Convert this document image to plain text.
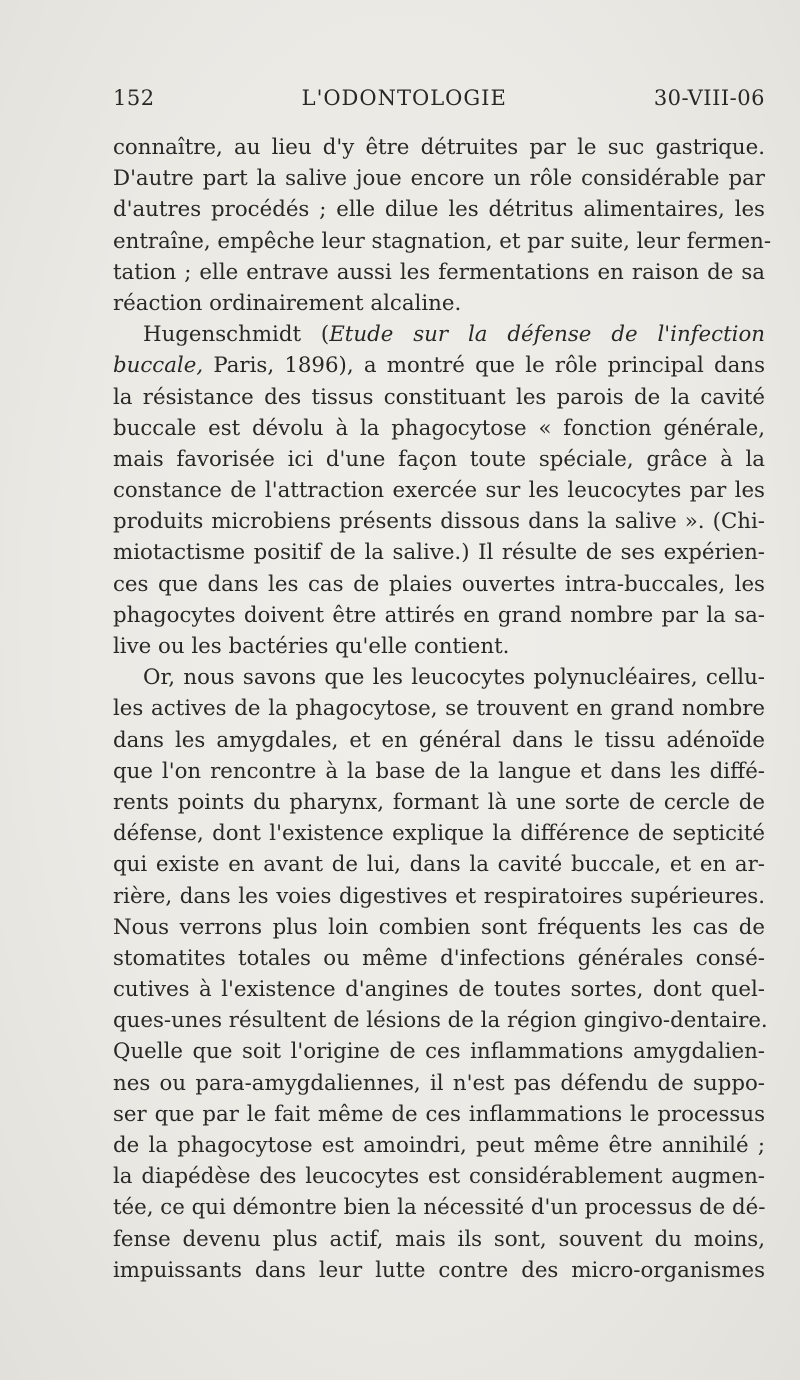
152	L'ODONTOLOGIE	30-VIII-06
connaître, au lieu d'y être détruites par le suc gastrique.
D'autre part la salive joue encore un rôle considérable par
d'autres procédés ; elle dilue les détritus alimentaires, les
entraîne, empêche leur stagnation, et par suite, leur fermen-
tation ; elle entrave aussi les fermentations en raison de sa
réaction ordinairement alcaline.
Hugenschmidt (Etude sur la défense de l'infection
buccale, Paris, 1896), a montré que le rôle principal dans
la résistance des tissus constituant les parois de la cavité
buccale est dévolu à la phagocytose « fonction générale,
mais favorisée ici d'une façon toute spéciale, grâce à la
constance de l'attraction exercée sur les leucocytes par les
produits microbiens présents dissous dans la salive ». (Chi-
miotactisme positif de la salive.) Il résulte de ses expérien-
ces que dans les cas de plaies ouvertes intra-buccales, les
phagocytes doivent être attirés en grand nombre par la sa-
live ou les bactéries qu'elle contient.
Or, nous savons que les leucocytes polynucléaires, cellu-
les actives de la phagocytose, se trouvent en grand nombre
dans les amygdales, et en général dans le tissu adénoïde
que l'on rencontre à la base de la langue et dans les diffé-
rents points du pharynx, formant là une sorte de cercle de
défense, dont l'existence explique la différence de septicité
qui existe en avant de lui, dans la cavité buccale, et en ar-
rière, dans les voies digestives et respiratoires supérieures.
Nous verrons plus loin combien sont fréquents les cas de
stomatites totales ou même d'infections générales consé-
cutives à l'existence d'angines de toutes sortes, dont quel-
ques-unes résultent de lésions de la région gingivo-dentaire.
Quelle que soit l'origine de ces inflammations amygdalien-
nes ou para-amygdaliennes, il n'est pas défendu de suppo-
ser que par le fait même de ces inflammations le processus
de la phagocytose est amoindri, peut même être annihilé ;
la diapédèse des leucocytes est considérablement augmen-
tée, ce qui démontre bien la nécessité d'un processus de dé-
fense devenu plus actif, mais ils sont, souvent du moins,
impuissants dans leur lutte contre des micro-organismes
